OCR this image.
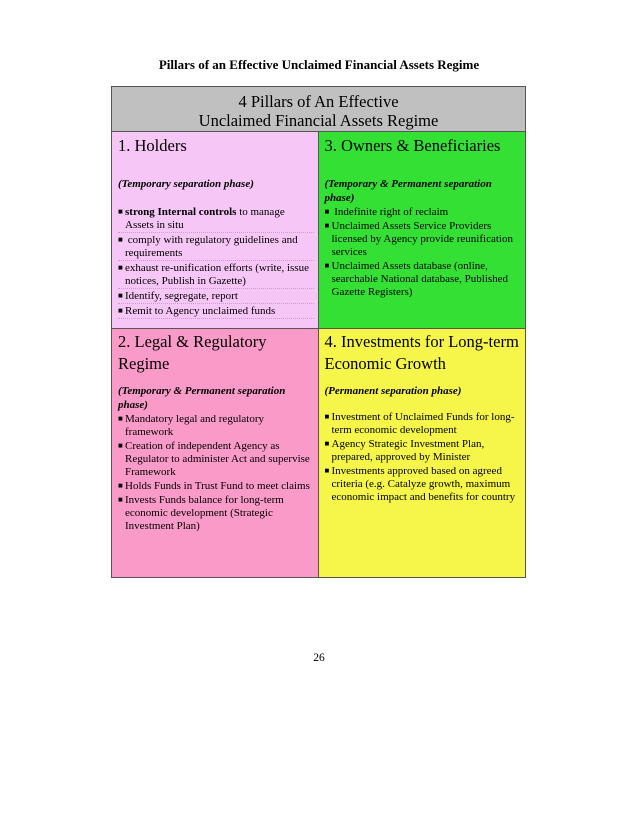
Pillars of an Effective Unclaimed Financial Assets Regime
4 Pillars of An Effective
Unclaimed Financial Assets Regime
1. Holders
(Temporary separation phase)
■ strong Internal controls to manage Assets in situ
■ comply with regulatory guidelines and requirements
■ exhaust re-unification efforts (write, issue notices, Publish in Gazette)
■ Identify, segregate, report
■ Remit to Agency unclaimed funds
3. Owners & Beneficiaries
(Temporary & Permanent separation phase)
■ Indefinite right of reclaim
■ Unclaimed Assets Service Providers licensed by Agency provide reunification services
■ Unclaimed Assets database (online, searchable National database, Published Gazette Registers)
2. Legal & Regulatory Regime
(Temporary & Permanent separation phase)
■ Mandatory legal and regulatory framework
■ Creation of independent Agency as Regulator to administer Act and supervise Framework
■ Holds Funds in Trust Fund to meet claims
■ Invests Funds balance for long-term economic development (Strategic Investment Plan)
4. Investments for Long-term Economic Growth
(Permanent separation phase)
■ Investment of Unclaimed Funds for long-term economic development
■ Agency Strategic Investment Plan, prepared, approved by Minister
■ Investments approved based on agreed criteria (e.g. Catalyze growth, maximum economic impact and benefits for country
26
